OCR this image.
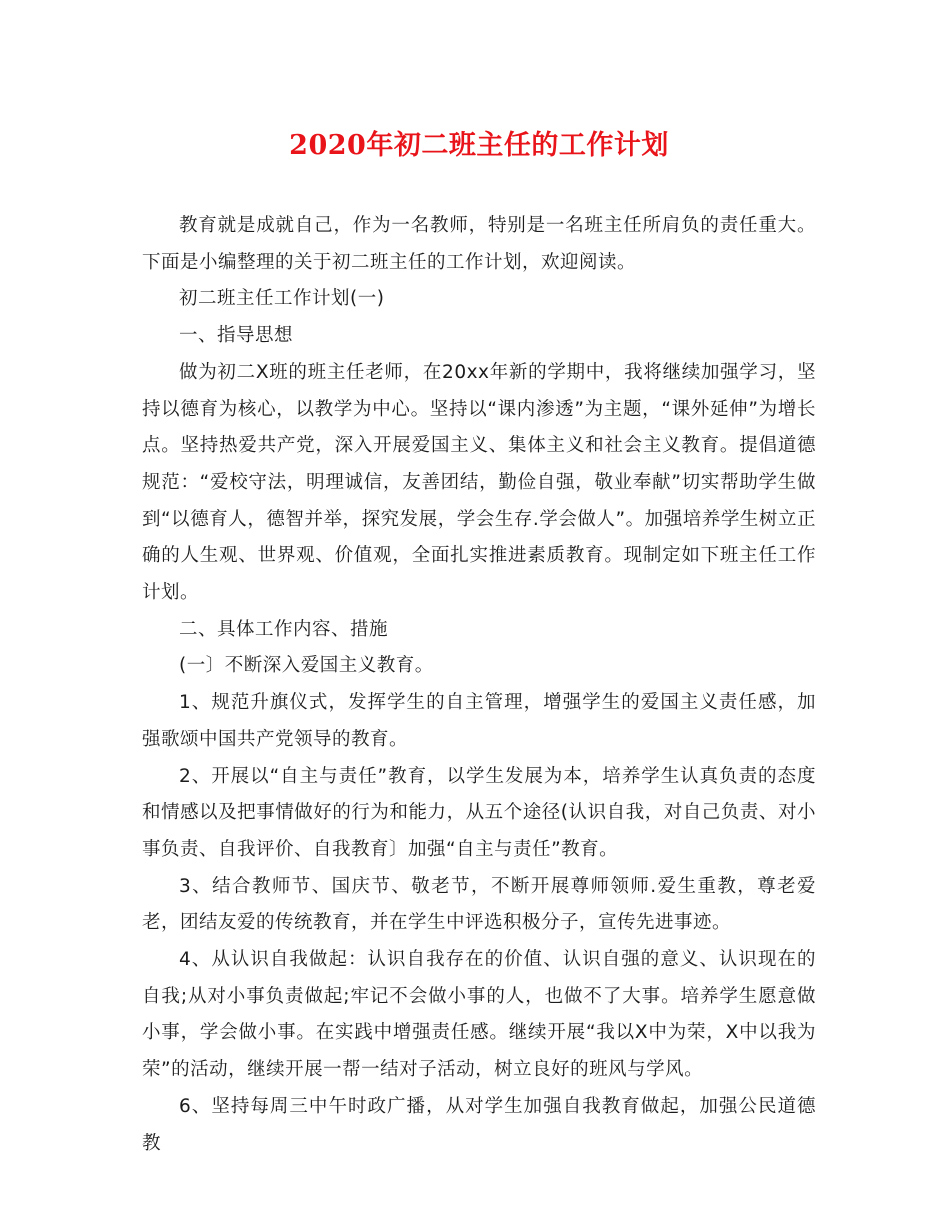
2020年初二班主任的工作计划

教育就是成就自己，作为一名教师，特别是一名班主任所肩负的责任重大。下面是小编整理的关于初二班主任的工作计划，欢迎阅读。

初二班主任工作计划(一)

一、指导思想

做为初二X班的班主任老师，在20xx年新的学期中，我将继续加强学习，坚持以德育为核心，以教学为中心。坚持以“课内渗透”为主题，“课外延伸”为增长点。坚持热爱共产党，深入开展爱国主义、集体主义和社会主义教育。提倡道德规范：“爱校守法，明理诚信，友善团结，勤俭自强，敬业奉献”切实帮助学生做到“以德育人，德智并举，探究发展，学会生存.学会做人”。加强培养学生树立正确的人生观、世界观、价值观，全面扎实推进素质教育。现制定如下班主任工作计划。

二、具体工作内容、措施

(一〕不断深入爱国主义教育。

1、规范升旗仪式，发挥学生的自主管理，增强学生的爱国主义责任感，加强歌颂中国共产党领导的教育。

2、开展以“自主与责任”教育，以学生发展为本，培养学生认真负责的态度和情感以及把事情做好的行为和能力，从五个途径(认识自我，对自己负责、对小事负责、自我评价、自我教育〕加强“自主与责任”教育。

3、结合教师节、国庆节、敬老节，不断开展尊师领师.爱生重教，尊老爱老，团结友爱的传统教育，并在学生中评选积极分子，宣传先进事迹。

4、从认识自我做起：认识自我存在的价值、认识自强的意义、认识现在的自我;从对小事负责做起;牢记不会做小事的人，也做不了大事。培养学生愿意做小事，学会做小事。在实践中增强责任感。继续开展“我以X中为荣，X中以我为荣”的活动，继续开展一帮一结对子活动，树立良好的班风与学风。

6、坚持每周三中午时政广播，从对学生加强自我教育做起，加强公民道德教
